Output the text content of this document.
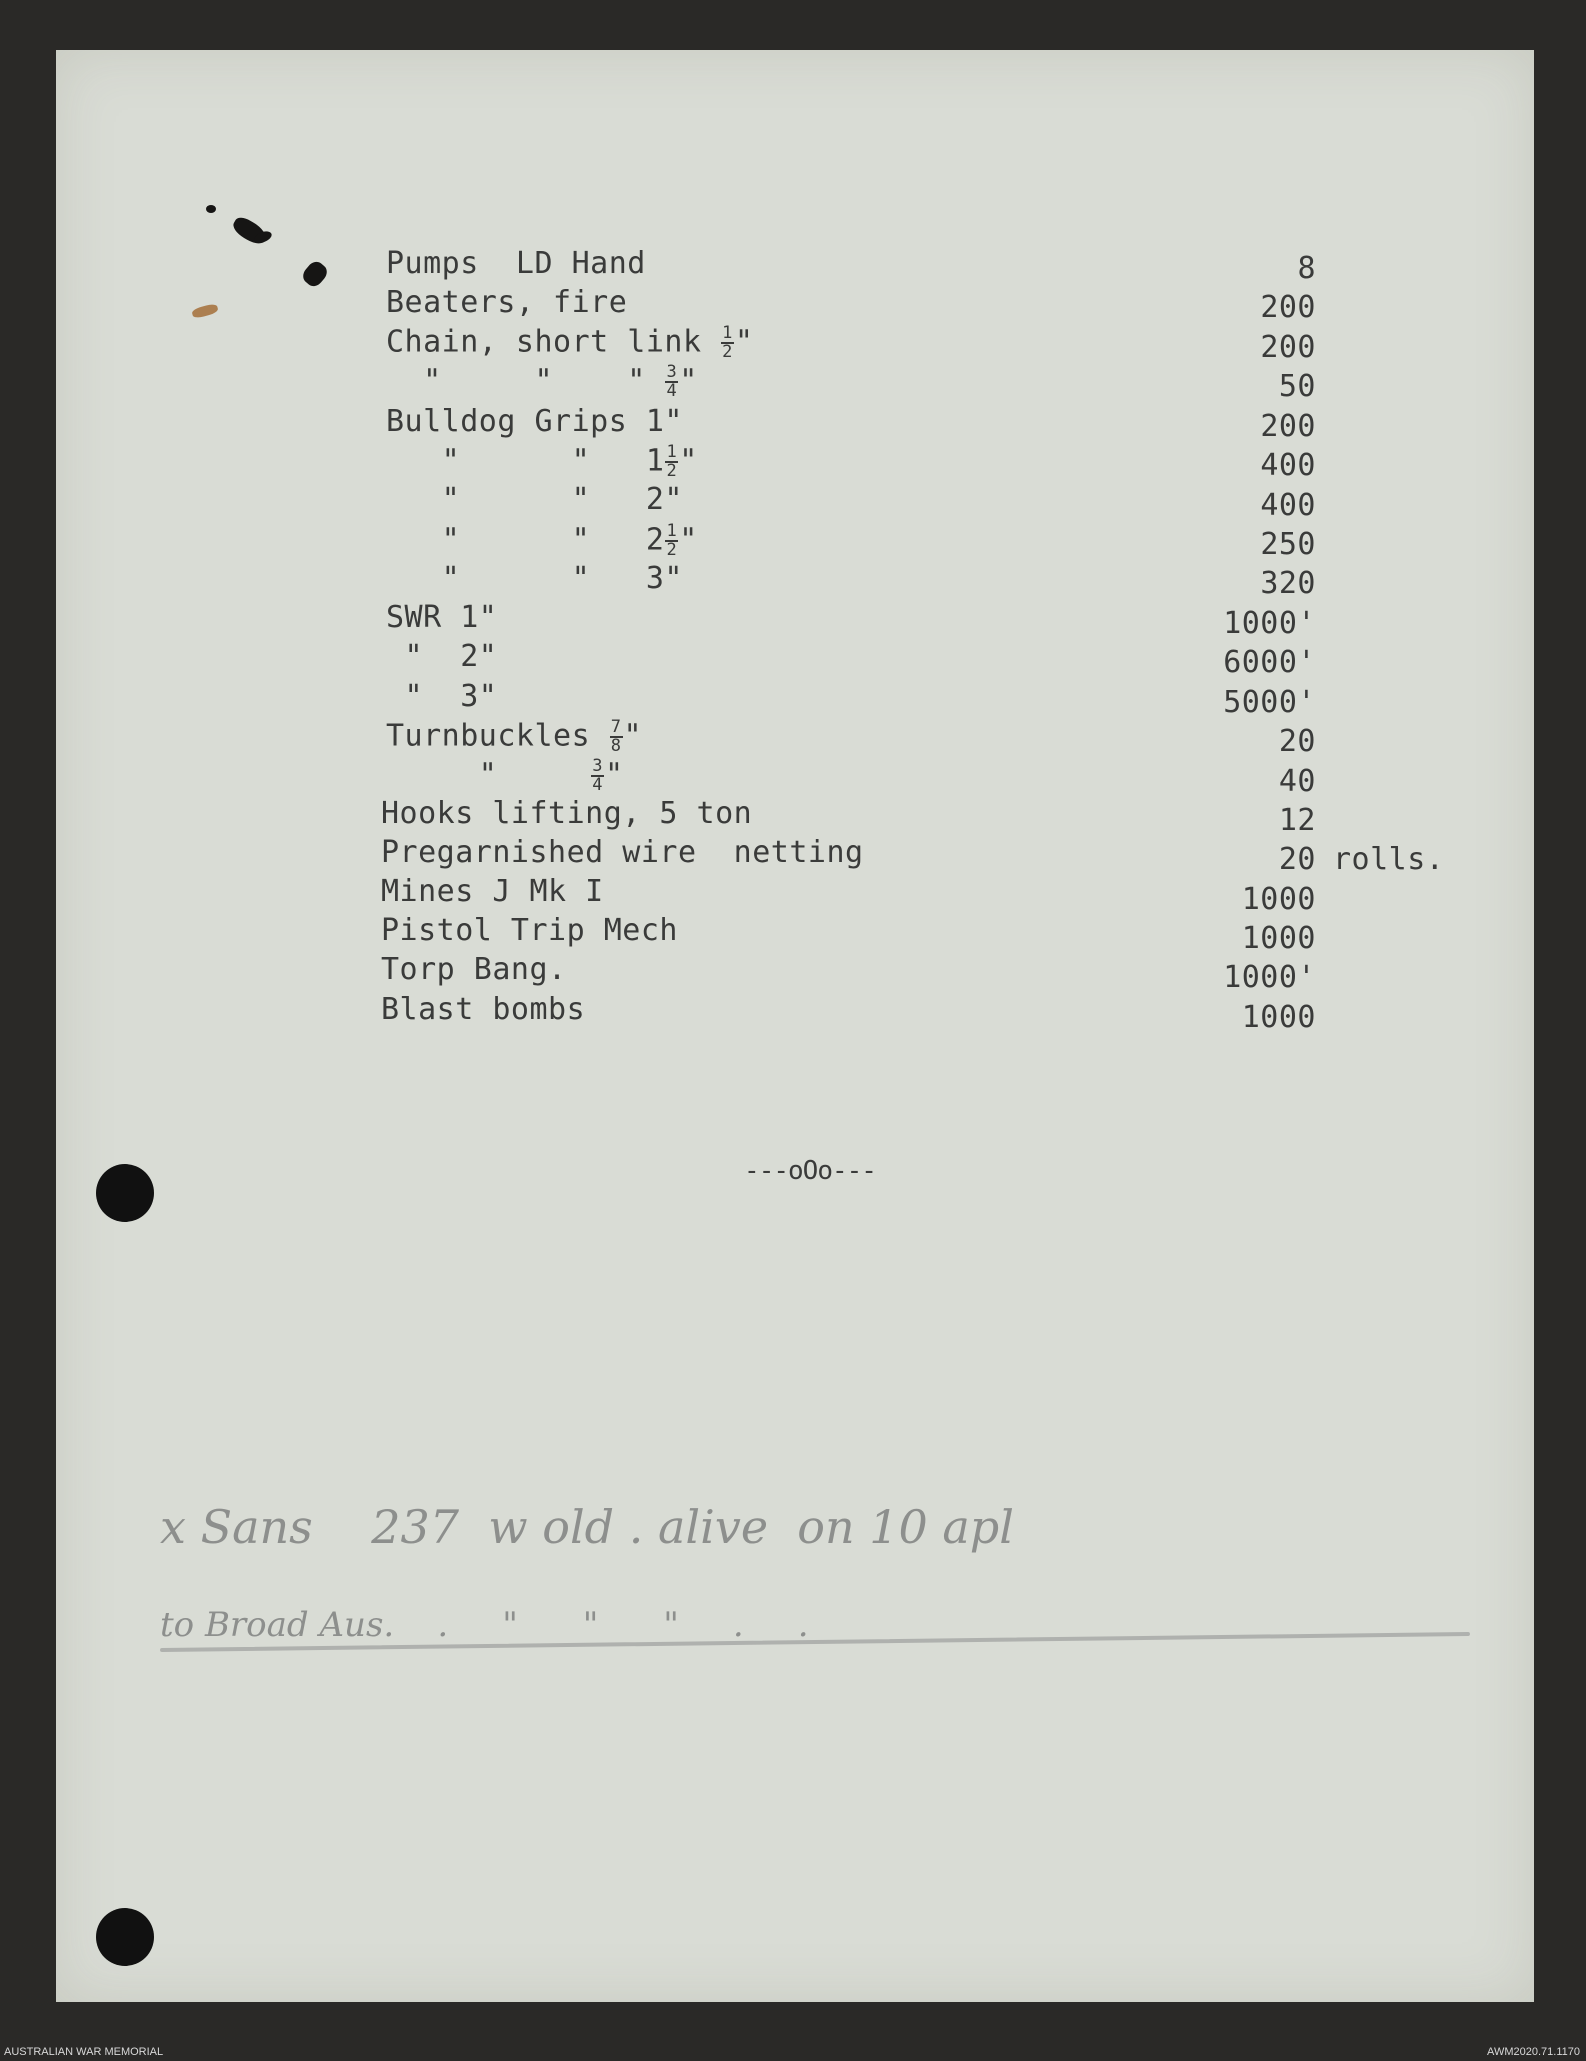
Pumps  LD Hand	8
Beaters, fire	200
Chain, short link $\frac{1}{2}$ "	200
"     "    " $\frac{3}{4}$ "	50
Bulldog Grips 1"	200
"      "   $1 \frac{1}{2}$ "	400
"      "   2"	400
"      "   $2 \frac{1}{2}$ "	250
"      "   3"	320
SWR 1"	1000'
"  2"	6000'
"  3"	5000'
Turnbuckles $\frac{7}{8}$ "	20
" $\frac{3}{4}$ "	40
Hooks lifting, 5 ton	12
Pregarnished wire  netting	20 rolls.
Mines J Mk I	1000
Pistol Trip Mech	1000
Torp Bang.	1000'
Blast bombs	1000
---oOo---
x Sans    237  w old . alive  on 10 apl
to Broad Aus.    .     "      "      "     .     .
AUSTRALIAN WAR MEMORIAL	AWM2020.71.1170
